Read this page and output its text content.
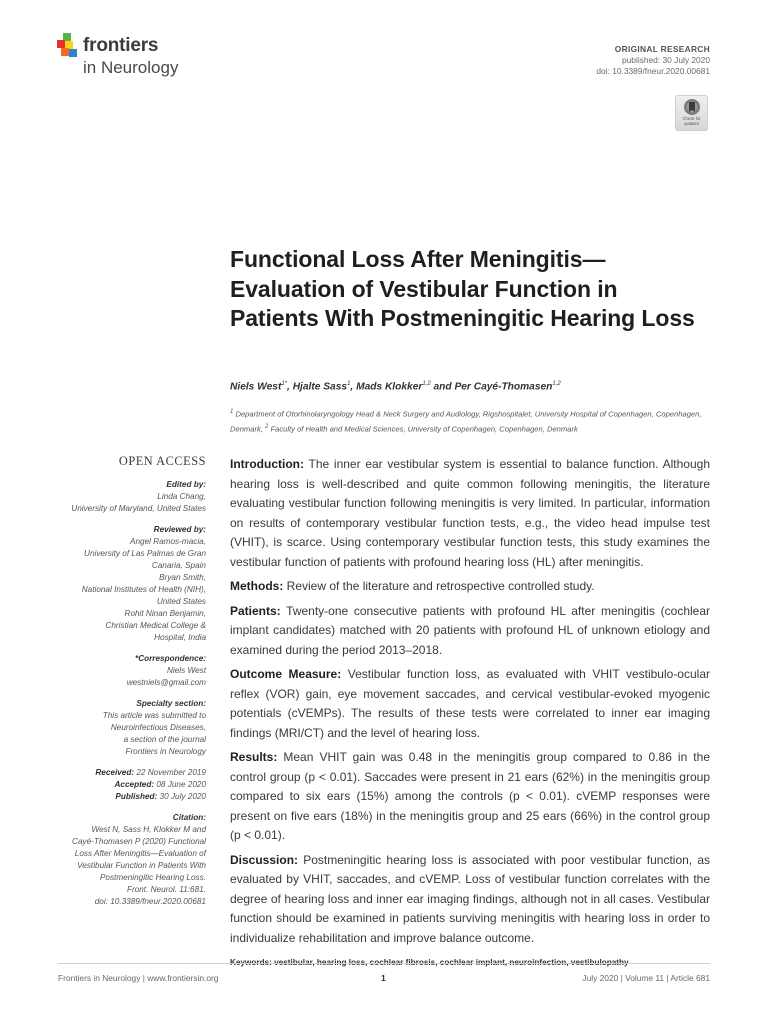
frontiers
in Neurology
ORIGINAL RESEARCH
published: 30 July 2020
doi: 10.3389/fneur.2020.00681
Check for
updates
Functional Loss After Meningitis—Evaluation of Vestibular Function in Patients With Postmeningitic Hearing Loss
Niels West$^{1*}$, Hjalte Sass$^1$, Mads Klokker$^{1,2}$ and Per Cayé-Thomasen$^{1,2}$
$^1$ Department of Otorhinolaryngology Head & Neck Surgery and Audiology, Rigshospitalet, University Hospital of Copenhagen, Copenhagen, Denmark, $^2$ Faculty of Health and Medical Sciences, University of Copenhagen, Copenhagen, Denmark
OPEN ACCESS
Edited by:
Linda Chang,
University of Maryland, United States
Reviewed by:
Angel Ramos-macia,
University of Las Palmas de Gran
Canaria, Spain
Bryan Smith,
National Institutes of Health (NIH),
United States
Rohit Ninan Benjamin,
Christian Medical College &
Hospital, India
*Correspondence:
Niels West
westniels@gmail.com
Specialty section:
This article was submitted to
Neuroinfectious Diseases,
a section of the journal
Frontiers in Neurology
Received: 22 November 2019
Accepted: 08 June 2020
Published: 30 July 2020
Citation:
West N, Sass H, Klokker M and
Cayé-Thomasen P (2020) Functional
Loss After Meningitis—Evaluation of
Vestibular Function in Patients With
Postmeningitic Hearing Loss.
Front. Neurol. 11:681.
doi: 10.3389/fneur.2020.00681

Introduction: The inner ear vestibular system is essential to balance function. Although hearing loss is well-described and quite common following meningitis, the literature evaluating vestibular function following meningitis is very limited. In particular, information on results of contemporary vestibular function tests, e.g., the video head impulse test (VHIT), is scarce. Using contemporary vestibular function tests, this study examines the vestibular function of patients with profound hearing loss (HL) after meningitis.

Methods: Review of the literature and retrospective controlled study.

Patients: Twenty-one consecutive patients with profound HL after meningitis (cochlear implant candidates) matched with 20 patients with profound HL of unknown etiology and examined during the period 2013–2018.

Outcome Measure: Vestibular function loss, as evaluated with VHIT vestibulo-ocular reflex (VOR) gain, eye movement saccades, and cervical vestibular-evoked myogenic potentials (cVEMPs). The results of these tests were correlated to inner ear imaging findings (MRI/CT) and the level of hearing loss.

Results: Mean VHIT gain was 0.48 in the meningitis group compared to 0.86 in the control group (p < 0.01). Saccades were present in 21 ears (62%) in the meningitis group compared to six ears (15%) among the controls (p < 0.01). cVEMP responses were present on five ears (18%) in the meningitis group and 25 ears (66%) in the control group (p < 0.01).

Discussion: Postmeningitic hearing loss is associated with poor vestibular function, as evaluated by VHIT, saccades, and cVEMP. Loss of vestibular function correlates with the degree of hearing loss and inner ear imaging findings, although not in all cases. Vestibular function should be examined in patients surviving meningitis with hearing loss in order to individualize rehabilitation and improve balance outcome.

Frontiers in Neurology | www.frontiersin.org	1	July 2020 | Volume 11 | Article 681
